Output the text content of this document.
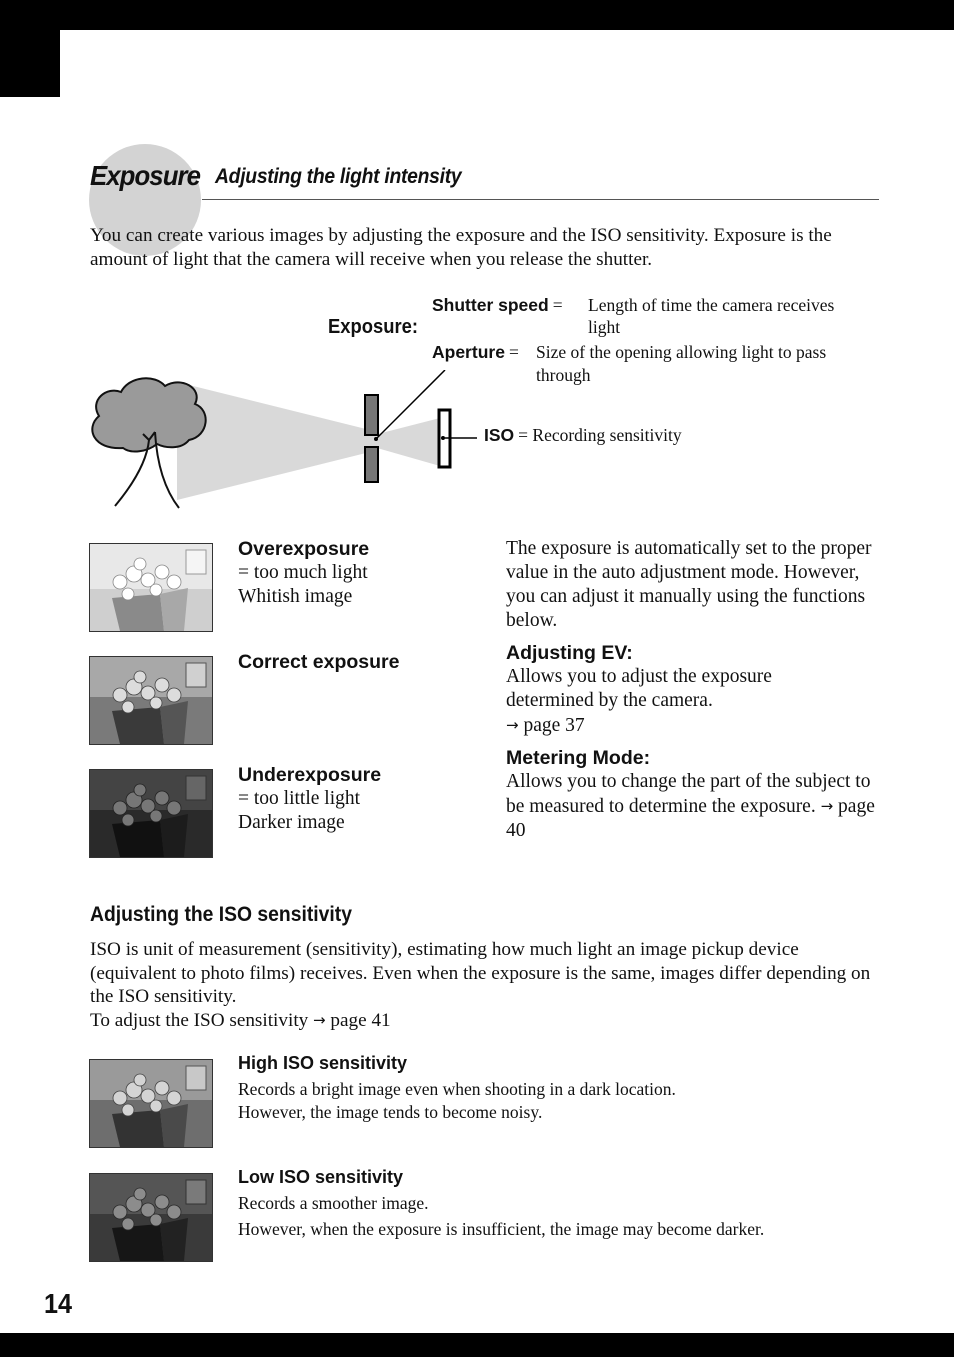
Exposure Adjusting the light intensity
You can create various images by adjusting the exposure and the ISO sensitivity. Exposure is the amount of light that the camera will receive when you release the shutter.
Exposure:
Shutter speed = Length of time the camera receives
light
Aperture = Size of the opening allowing light to pass
through
ISO = Recording sensitivity
Overexposure
= too much light
Whitish image
Correct exposure
Underexposure
= too little light
Darker image
The exposure is automatically set to the proper value in the auto adjustment mode. However, you can adjust it manually using the functions below.
Adjusting EV:
Allows you to adjust the exposure determined by the camera.
→ page 37
Metering Mode:
Allows you to change the part of the subject to be measured to determine the exposure. → page 40
Adjusting the ISO sensitivity
ISO is unit of measurement (sensitivity), estimating how much light an image pickup device (equivalent to photo films) receives. Even when the exposure is the same, images differ depending on the ISO sensitivity.
To adjust the ISO sensitivity → page 41
High ISO sensitivity
Records a bright image even when shooting in a dark location.
However, the image tends to become noisy.
Low ISO sensitivity
Records a smoother image.
However, when the exposure is insufficient, the image may become darker.
14
